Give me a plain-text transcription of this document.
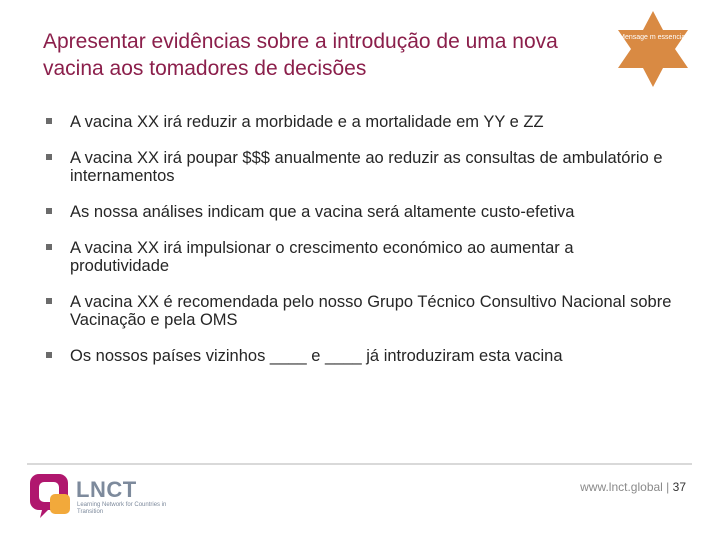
Apresentar evidências sobre a introdução de uma nova vacina aos tomadores de decisões
Mensage m essencial
A vacina XX irá reduzir a morbidade e a mortalidade em YY e ZZ
A vacina XX irá poupar $$$ anualmente ao reduzir as consultas de ambulatório e internamentos
As nossa análises indicam que a vacina será altamente custo-efetiva
A vacina XX irá impulsionar o crescimento económico ao aumentar a produtividade
A vacina XX é recomendada pelo nosso Grupo Técnico Consultivo Nacional sobre Vacinação e pela OMS
Os nossos países vizinhos ____ e ____ já introduziram esta vacina
LNCT
Learning Network for Countries in Transition
www.lnct.global | 37
